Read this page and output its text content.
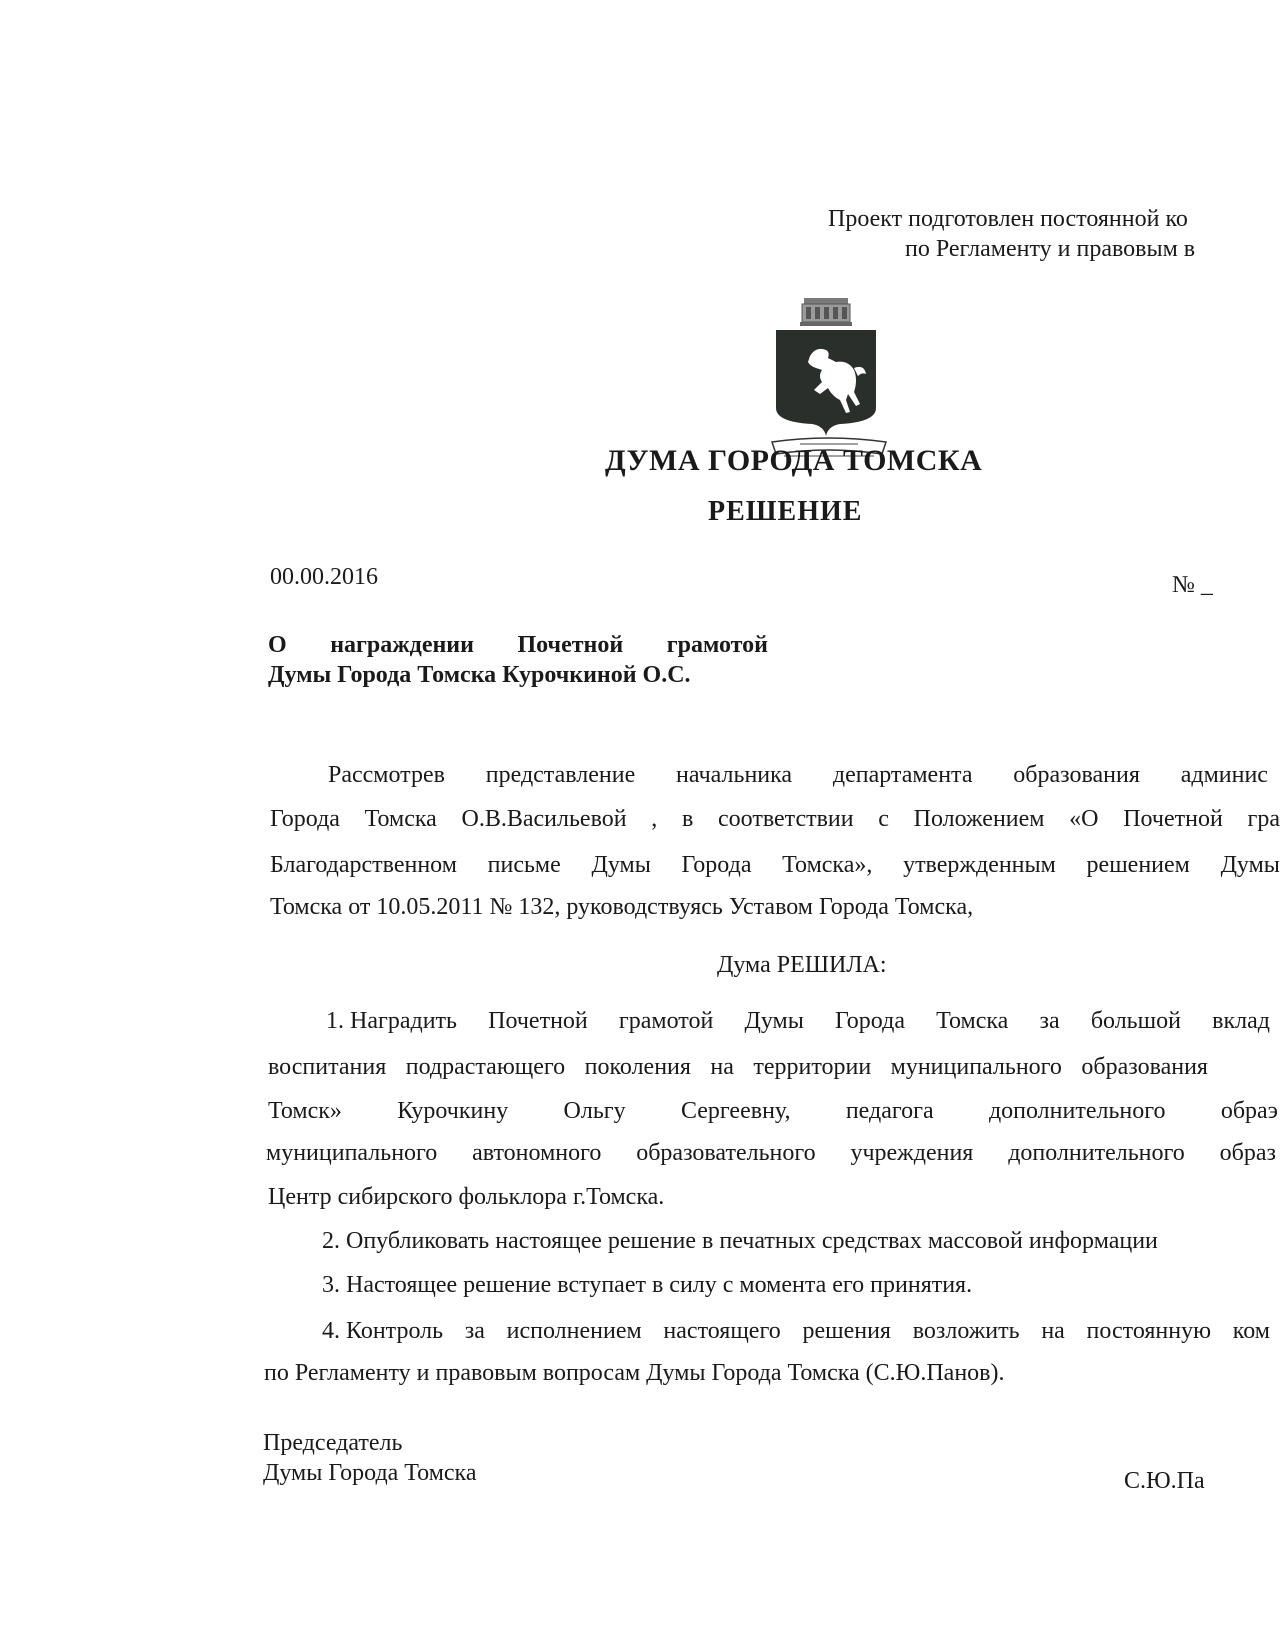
Проект подготовлен постоянной ко
по Регламенту и правовым в
ДУМА ГОРОДА ТОМСКА
РЕШЕНИЕ
00.00.2016	№ _
О награждении Почетной грамотой
Думы Города Томска Курочкиной О.С.
Рассмотрев представление начальника департамента образования админис
Города Томска О.В.Васильевой , в соответствии с Положением «О Почетной гра
Благодарственном письме Думы Города Томска», утвержденным решением Думы
Томска от 10.05.2011 № 132, руководствуясь Уставом Города Томска,
Дума РЕШИЛА:
1. Наградить Почетной грамотой Думы Города Томска за большой вклад
воспитания подрастающего поколения на территории муниципального образования
Томск» Курочкину Ольгу Сергеевну, педагога дополнительного обраэ
муниципального автономного образовательного учреждения дополнительного образ
Центр сибирского фольклора г.Томска.
2. Опубликовать настоящее решение в печатных средствах массовой информации
3. Настоящее решение вступает в силу с момента его принятия.
4. Контроль за исполнением настоящего решения возложить на постоянную ком
по Регламенту и правовым вопросам Думы Города Томска (С.Ю.Панов).
Председатель
Думы Города Томска	С.Ю.Па
